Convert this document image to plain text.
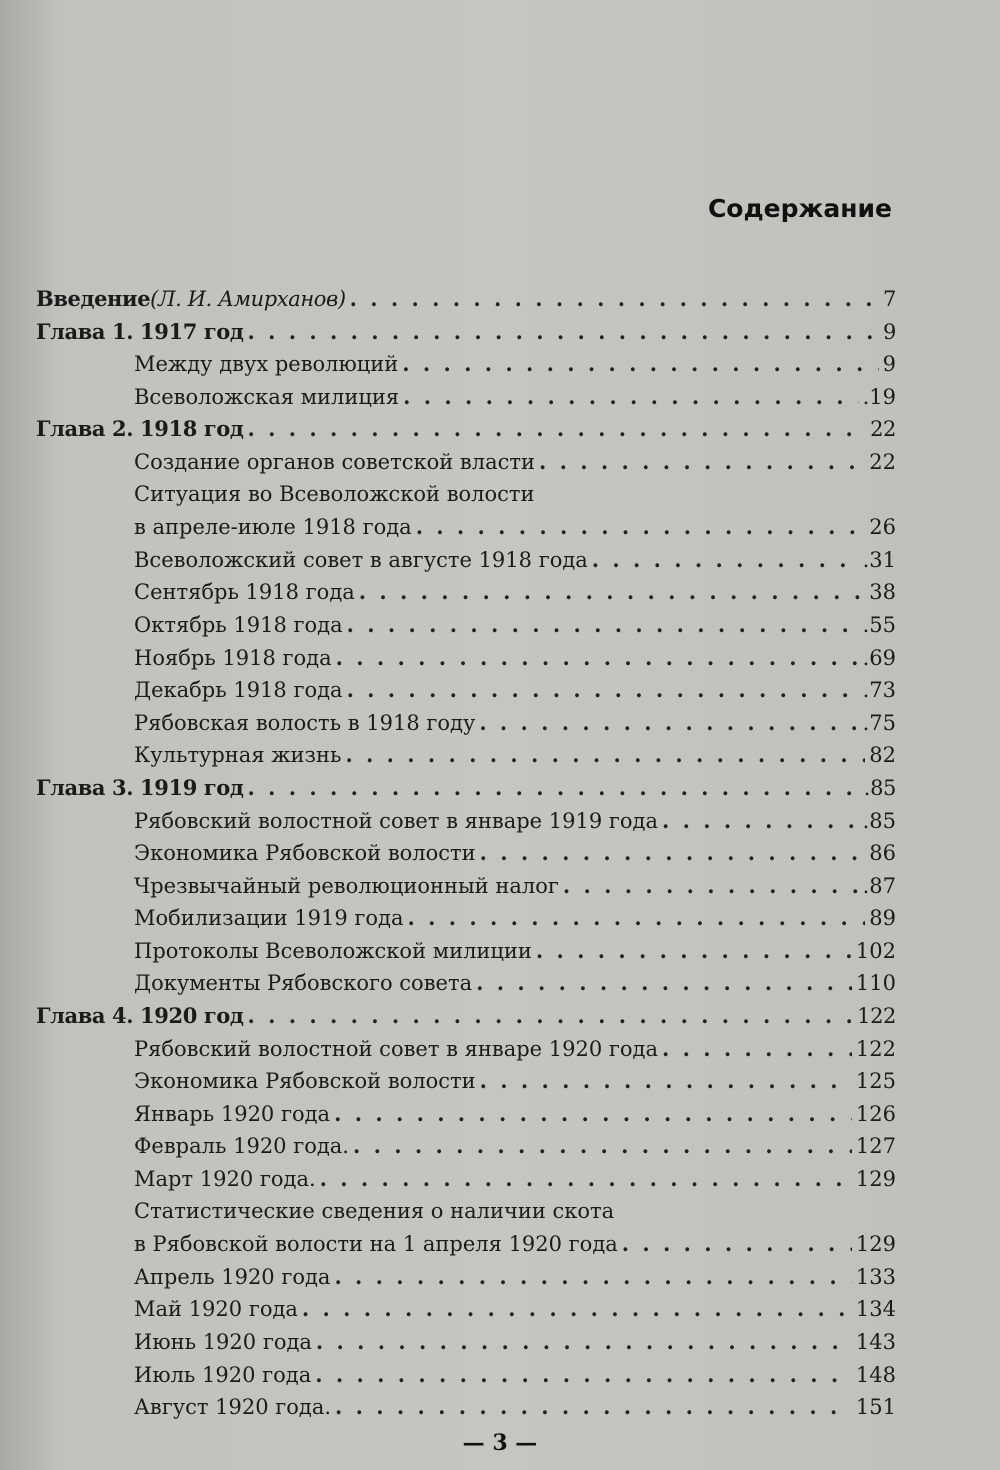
Содержание
Введение (Л. И. Амирханов) . . .	7
Глава 1. 1917 год . . .	9
Между двух революций . . .	9
Всеволожская милиция . . .	.19
Глава 2. 1918 год . . .	22
Создание органов советской власти . . .	22
Ситуация во Всеволожской волости
в апреле-июле 1918 года . . .	26
Всеволожский совет в августе 1918 года . . .	.31
Сентябрь 1918 года . . .	38
Октябрь 1918 года . . .	.55
Ноябрь 1918 года . . .	.69
Декабрь 1918 года . . .	.73
Рябовская волость в 1918 году . . .	.75
Культурная жизнь . . .	82
Глава 3. 1919 год . . .	.85
Рябовский волостной совет в январе 1919 года . . .	.85
Экономика Рябовской волости . . .	86
Чрезвычайный революционный налог . . .	.87
Мобилизации 1919 года . . .	89
Протоколы Всеволожской милиции . . .	102
Документы Рябовского совета . . .	110
Глава 4. 1920 год . . .	122
Рябовский волостной совет в январе 1920 года . . .	122
Экономика Рябовской волости . . .	125
Январь 1920 года . . .	126
Февраль 1920 года. . . .	127
Март 1920 года. . . .	129
Статистические сведения о наличии скота
в Рябовской волости на 1 апреля 1920 года . . .	129
Апрель 1920 года . . .	133
Май 1920 года . . .	134
Июнь 1920 года . . .	143
Июль 1920 года . . .	148
Август 1920 года. . . .	151
— 3 —
